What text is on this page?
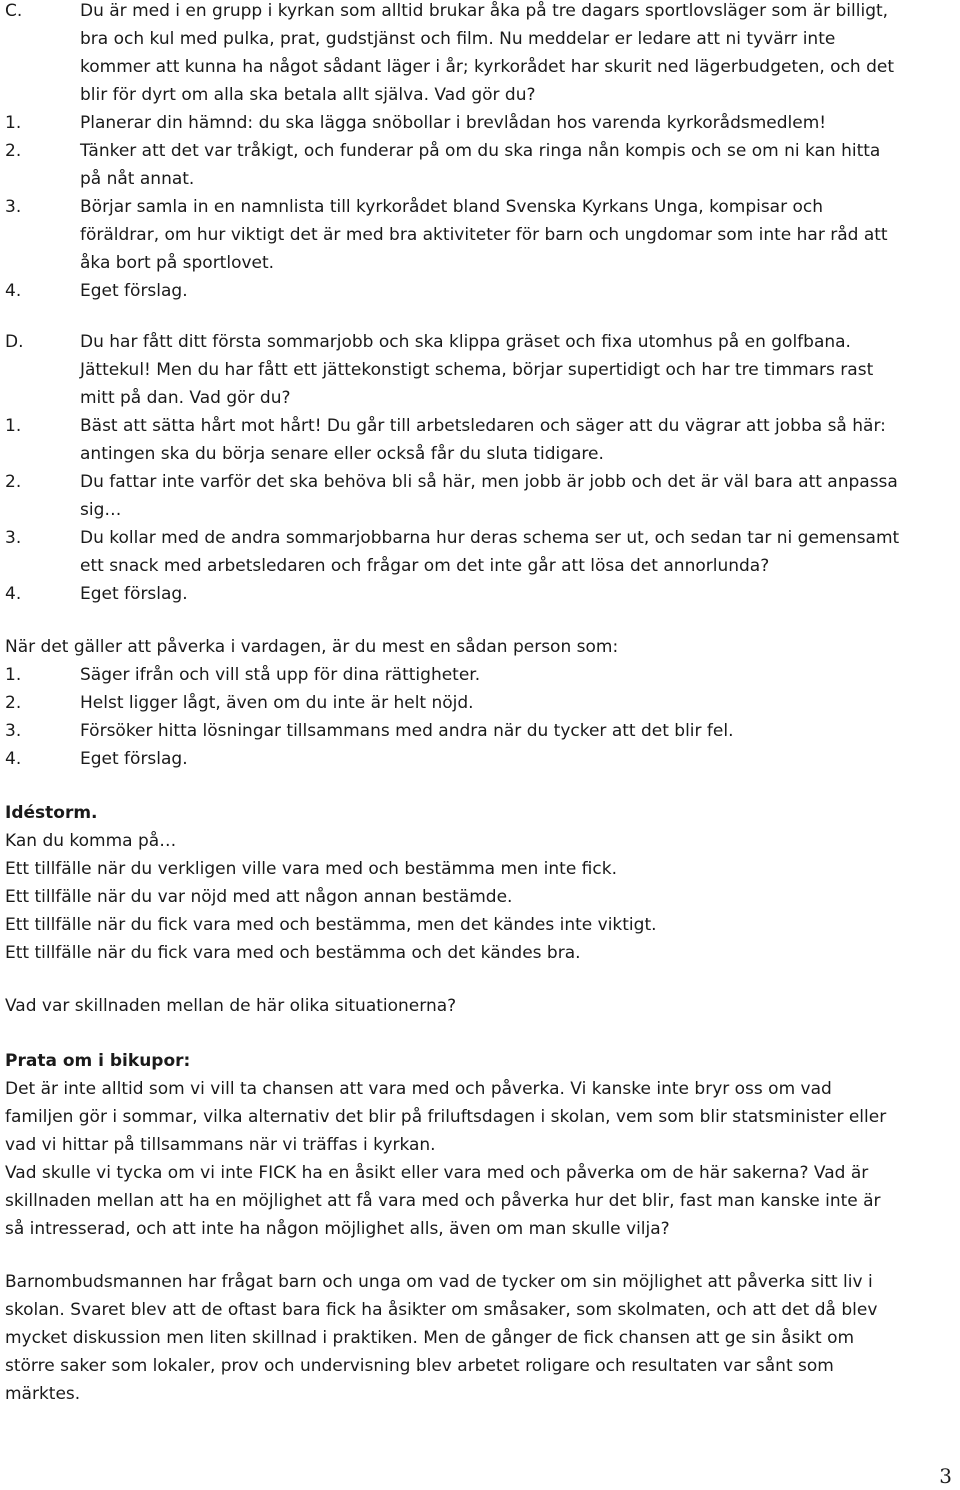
C.	Du är med i en grupp i kyrkan som alltid brukar åka på tre dagars sportlovsläger som är billigt,
bra och kul med pulka, prat, gudstjänst och film. Nu meddelar er ledare att ni tyvärr inte
kommer att kunna ha något sådant läger i år; kyrkorådet har skurit ned lägerbudgeten, och det
blir för dyrt om alla ska betala allt själva. Vad gör du?
1.	Planerar din hämnd: du ska lägga snöbollar i brevlådan hos varenda kyrkorådsmedlem!
2.	Tänker att det var tråkigt, och funderar på om du ska ringa nån kompis och se om ni kan hitta
på nåt annat.
3.	Börjar samla in en namnlista till kyrkorådet bland Svenska Kyrkans Unga, kompisar och
föräldrar, om hur viktigt det är med bra aktiviteter för barn och ungdomar som inte har råd att
åka bort på sportlovet.
4.	Eget förslag.
D.	Du har fått ditt första sommarjobb och ska klippa gräset och fixa utomhus på en golfbana.
Jättekul! Men du har fått ett jättekonstigt schema, börjar supertidigt och har tre timmars rast
mitt på dan. Vad gör du?
1.	Bäst att sätta hårt mot hårt! Du går till arbetsledaren och säger att du vägrar att jobba så här:
antingen ska du börja senare eller också får du sluta tidigare.
2.	Du fattar inte varför det ska behöva bli så här, men jobb är jobb och det är väl bara att anpassa
sig…
3.	Du kollar med de andra sommarjobbarna hur deras schema ser ut, och sedan tar ni gemensamt
ett snack med arbetsledaren och frågar om det inte går att lösa det annorlunda?
4.	Eget förslag.
När det gäller att påverka i vardagen, är du mest en sådan person som:
1.	Säger ifrån och vill stå upp för dina rättigheter.
2.	Helst ligger lågt, även om du inte är helt nöjd.
3.	Försöker hitta lösningar tillsammans med andra när du tycker att det blir fel.
4.	Eget förslag.
Idéstorm.
Kan du komma på…
Ett tillfälle när du verkligen ville vara med och bestämma men inte fick.
Ett tillfälle när du var nöjd med att någon annan bestämde.
Ett tillfälle när du fick vara med och bestämma, men det kändes inte viktigt.
Ett tillfälle när du fick vara med och bestämma och det kändes bra.
Vad var skillnaden mellan de här olika situationerna?
Prata om i bikupor:
Det är inte alltid som vi vill ta chansen att vara med och påverka. Vi kanske inte bryr oss om vad
familjen gör i sommar, vilka alternativ det blir på friluftsdagen i skolan, vem som blir statsminister eller
vad vi hittar på tillsammans när vi träffas i kyrkan.
Vad skulle vi tycka om vi inte FICK ha en åsikt eller vara med och påverka om de här sakerna? Vad är
skillnaden mellan att ha en möjlighet att få vara med och påverka hur det blir, fast man kanske inte är
så intresserad, och att inte ha någon möjlighet alls, även om man skulle vilja?
Barnombudsmannen har frågat barn och unga om vad de tycker om sin möjlighet att påverka sitt liv i
skolan. Svaret blev att de oftast bara fick ha åsikter om småsaker, som skolmaten, och att det då blev
mycket diskussion men liten skillnad i praktiken. Men de gånger de fick chansen att ge sin åsikt om
större saker som lokaler, prov och undervisning blev arbetet roligare och resultaten var sånt som
märktes.
3
